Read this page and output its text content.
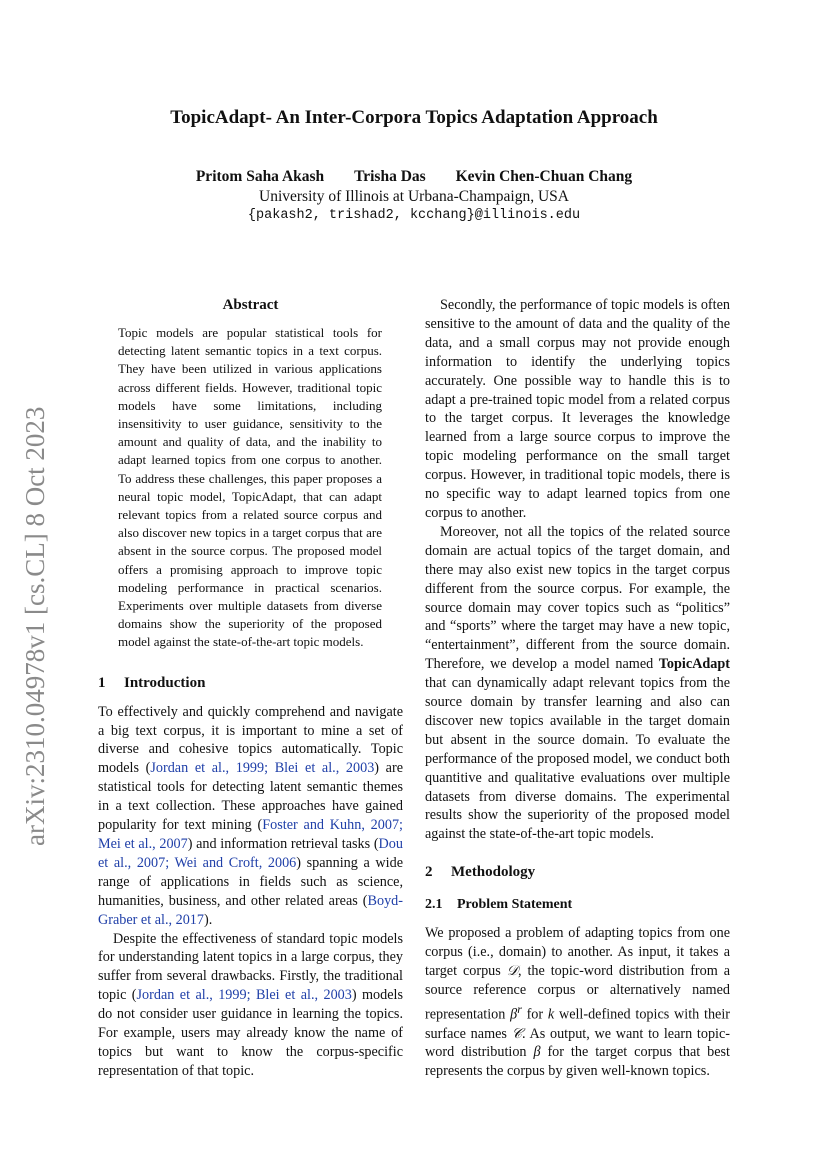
arXiv:2310.04978v1 [cs.CL] 8 Oct 2023
TopicAdapt- An Inter-Corpora Topics Adaptation Approach
Pritom Saha Akash Trisha Das Kevin Chen-Chuan Chang
University of Illinois at Urbana-Champaign, USA
{pakash2, trishad2, kcchang}@illinois.edu
Abstract

Topic models are popular statistical tools for detecting latent semantic topics in a text corpus. They have been utilized in various applications across different fields. However, traditional topic models have some limitations, including insensitivity to user guidance, sensitivity to the amount and quality of data, and the inability to adapt learned topics from one corpus to another. To address these challenges, this paper proposes a neural topic model, TopicAdapt, that can adapt relevant topics from a related source corpus and also discover new topics in a target corpus that are absent in the source corpus. The proposed model offers a promising approach to improve topic modeling performance in practical scenarios. Experiments over multiple datasets from diverse domains show the superiority of the proposed model against the state-of-the-art topic models.

1 Introduction

To effectively and quickly comprehend and navigate a big text corpus, it is important to mine a set of diverse and cohesive topics automatically. Topic models (Jordan et al., 1999; Blei et al., 2003) are statistical tools for detecting latent semantic themes in a text collection. These approaches have gained popularity for text mining (Foster and Kuhn, 2007; Mei et al., 2007) and information retrieval tasks (Dou et al., 2007; Wei and Croft, 2006) spanning a wide range of applications in fields such as science, humanities, business, and other related areas (Boyd-Graber et al., 2017).

Despite the effectiveness of standard topic models for understanding latent topics in a large corpus, they suffer from several drawbacks. Firstly, the traditional topic (Jordan et al., 1999; Blei et al., 2003) models do not consider user guidance in learning the topics. For example, users may already know the name of topics but want to know the corpus-specific representation of that topic.

Secondly, the performance of topic models is often sensitive to the amount of data and the quality of the data, and a small corpus may not provide enough information to identify the underlying topics accurately. One possible way to handle this is to adapt a pre-trained topic model from a related corpus to the target corpus. It leverages the knowledge learned from a large source corpus to improve the topic modeling performance on the small target corpus. However, in traditional topic models, there is no specific way to adapt learned topics from one corpus to another.

Moreover, not all the topics of the related source domain are actual topics of the target domain, and there may also exist new topics in the target corpus different from the source corpus. For example, the source domain may cover topics such as “politics” and “sports” where the target may have a new topic, “entertainment”, different from the source domain. Therefore, we develop a model named TopicAdapt that can dynamically adapt relevant topics from the source domain by transfer learning and also can discover new topics available in the target domain but absent in the source domain. To evaluate the performance of the proposed model, we conduct both quantitive and qualitative evaluations over multiple datasets from diverse domains. The experimental results show the superiority of the proposed model against the state-of-the-art topic models.

2 Methodology
2.1 Problem Statement

We proposed a problem of adapting topics from one corpus (i.e., domain) to another. As input, it takes a target corpus 𝒟, the topic-word distribution from a source reference corpus or alternatively named representation $\beta^r$ for k well-defined topics with their surface names 𝒞. As output, we want to learn topic-word distribution β for the target corpus that best represents the corpus by given well-known topics.
